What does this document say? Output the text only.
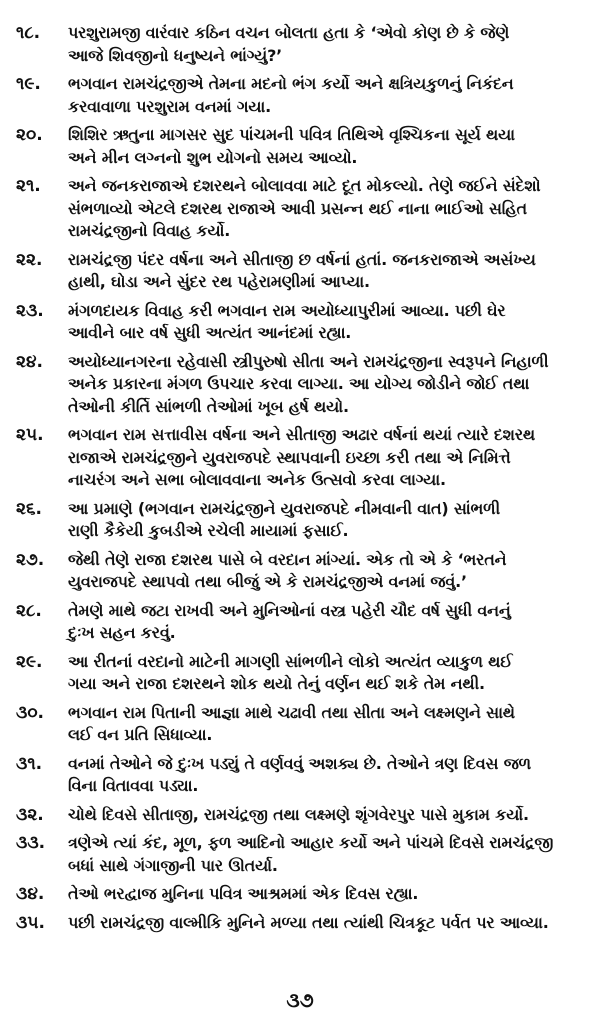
૧૮.	પરશુરામજી વારંવાર કઠિન વચન બોલતા હતા કે ‘એવો કોણ છે કે જેણે
આજે શિવજીનો ધનુષ્યને ભાંગ્યું?’
૧૯.	ભગવાન રામચંદ્રજીએ તેમના મદનો ભંગ કર્યો અને ક્ષત્રિયકુળનું નિકંદન
કરવાવાળા પરશુરામ વનમાં ગયા.
૨૦.	શિશિર ઋતુના માગસર સુદ પાંચમની પવિત્ર તિથિએ વૃશ્ચિકના સૂર્ય થયા
અને મીન લગ્નનો શુભ યોગનો સમય આવ્યો.
૨૧.	અને જનકરાજાએ દશરથને બોલાવવા માટે દૂત મોકલ્યો. તેણે જઈને સંદેશો
સંભળાવ્યો એટલે દશરથ રાજાએ આવી પ્રસન્ન થઈ નાના ભાઈઓ સહિત
રામચંદ્રજીનો વિવાહ કર્યો.
૨૨.	રામચંદ્રજી પંદર વર્ષના અને સીતાજી છ વર્ષનાં હતાં. જનકરાજાએ અસંખ્ય
હાથી, ઘોડા અને સુંદર રથ પહેરામણીમાં આપ્યા.
૨૩.	મંગળદાયક વિવાહ કરી ભગવાન રામ અયોધ્યાપુરીમાં આવ્યા. પછી ઘેર
આવીને બાર વર્ષ સુધી અત્યંત આનંદમાં રહ્યા.
૨૪.	અયોધ્યાનગરના રહેવાસી સ્ત્રીપુરુષો સીતા અને રામચંદ્રજીના સ્વરૂપને નિહાળી
અનેક પ્રકારના મંગળ ઉપચાર કરવા લાગ્યા. આ યોગ્ય જોડીને જોઈ તથા
તેઓની કીર્તિ સાંભળી તેઓમાં ખૂબ હર્ષ થયો.
૨૫.	ભગવાન રામ સત્તાવીસ વર્ષના અને સીતાજી અઢાર વર્ષનાં થયાં ત્યારે દશરથ
રાજાએ રામચંદ્રજીને યુવરાજપદે સ્થાપવાની ઇચ્છા કરી તથા એ નિમિત્તે
નાચરંગ અને સભા બોલાવવાના અનેક ઉત્સવો કરવા લાગ્યા.
૨૬.	આ પ્રમાણે (ભગવાન રામચંદ્રજીને યુવરાજપદે નીમવાની વાત) સાંભળી
રાણી કૈકેયી કુબડીએ રચેલી માયામાં ફસાઈ.
૨૭.	જેથી તેણે રાજા દશરથ પાસે બે વરદાન માંગ્યાં. એક તો એ કે ‘ભરતને
યુવરાજપદે સ્થાપવો તથા બીજું એ કે રામચંદ્રજીએ વનમાં જવું.’
૨૮.	તેમણે માથે જટા રાખવી અને મુનિઓનાં વસ્ત્ર પહેરી ચૌદ વર્ષ સુધી વનનું
દુઃખ સહન કરવું.
૨૯.	આ રીતનાં વરદાનો માટેની માગણી સાંભળીને લોકો અત્યંત વ્યાકુળ થઈ
ગયા અને રાજા દશરથને શોક થયો તેનું વર્ણન થઈ શકે તેમ નથી.
૩૦.	ભગવાન રામ પિતાની આજ્ઞા માથે ચઢાવી તથા સીતા અને લક્ષ્મણને સાથે
લઈ વન પ્રતિ સિધાવ્યા.
૩૧.	વનમાં તેઓને જે દુઃખ પડ્યું તે વર્ણવવું અશક્ય છે. તેઓને ત્રણ દિવસ જળ
વિના વિતાવવા પડ્યા.
૩૨.	ચોથે દિવસે સીતાજી, રામચંદ્રજી તથા લક્ષ્મણે શૃંગવેરપુર પાસે મુકામ કર્યો.
૩૩.	ત્રણેએ ત્યાં કંદ, મૂળ, ફળ આદિનો આહાર કર્યો અને પાંચમે દિવસે રામચંદ્રજી
બધાં સાથે ગંગાજીની પાર ઊતર્યા.
૩૪.	તેઓ ભરદ્વાજ મુનિના પવિત્ર આશ્રમમાં એક દિવસ રહ્યા.
૩૫.	પછી રામચંદ્રજી વાલ્મીકિ મુનિને મળ્યા તથા ત્યાંથી ચિત્રકૂટ પર્વત પર આવ્યા.
૩૭
